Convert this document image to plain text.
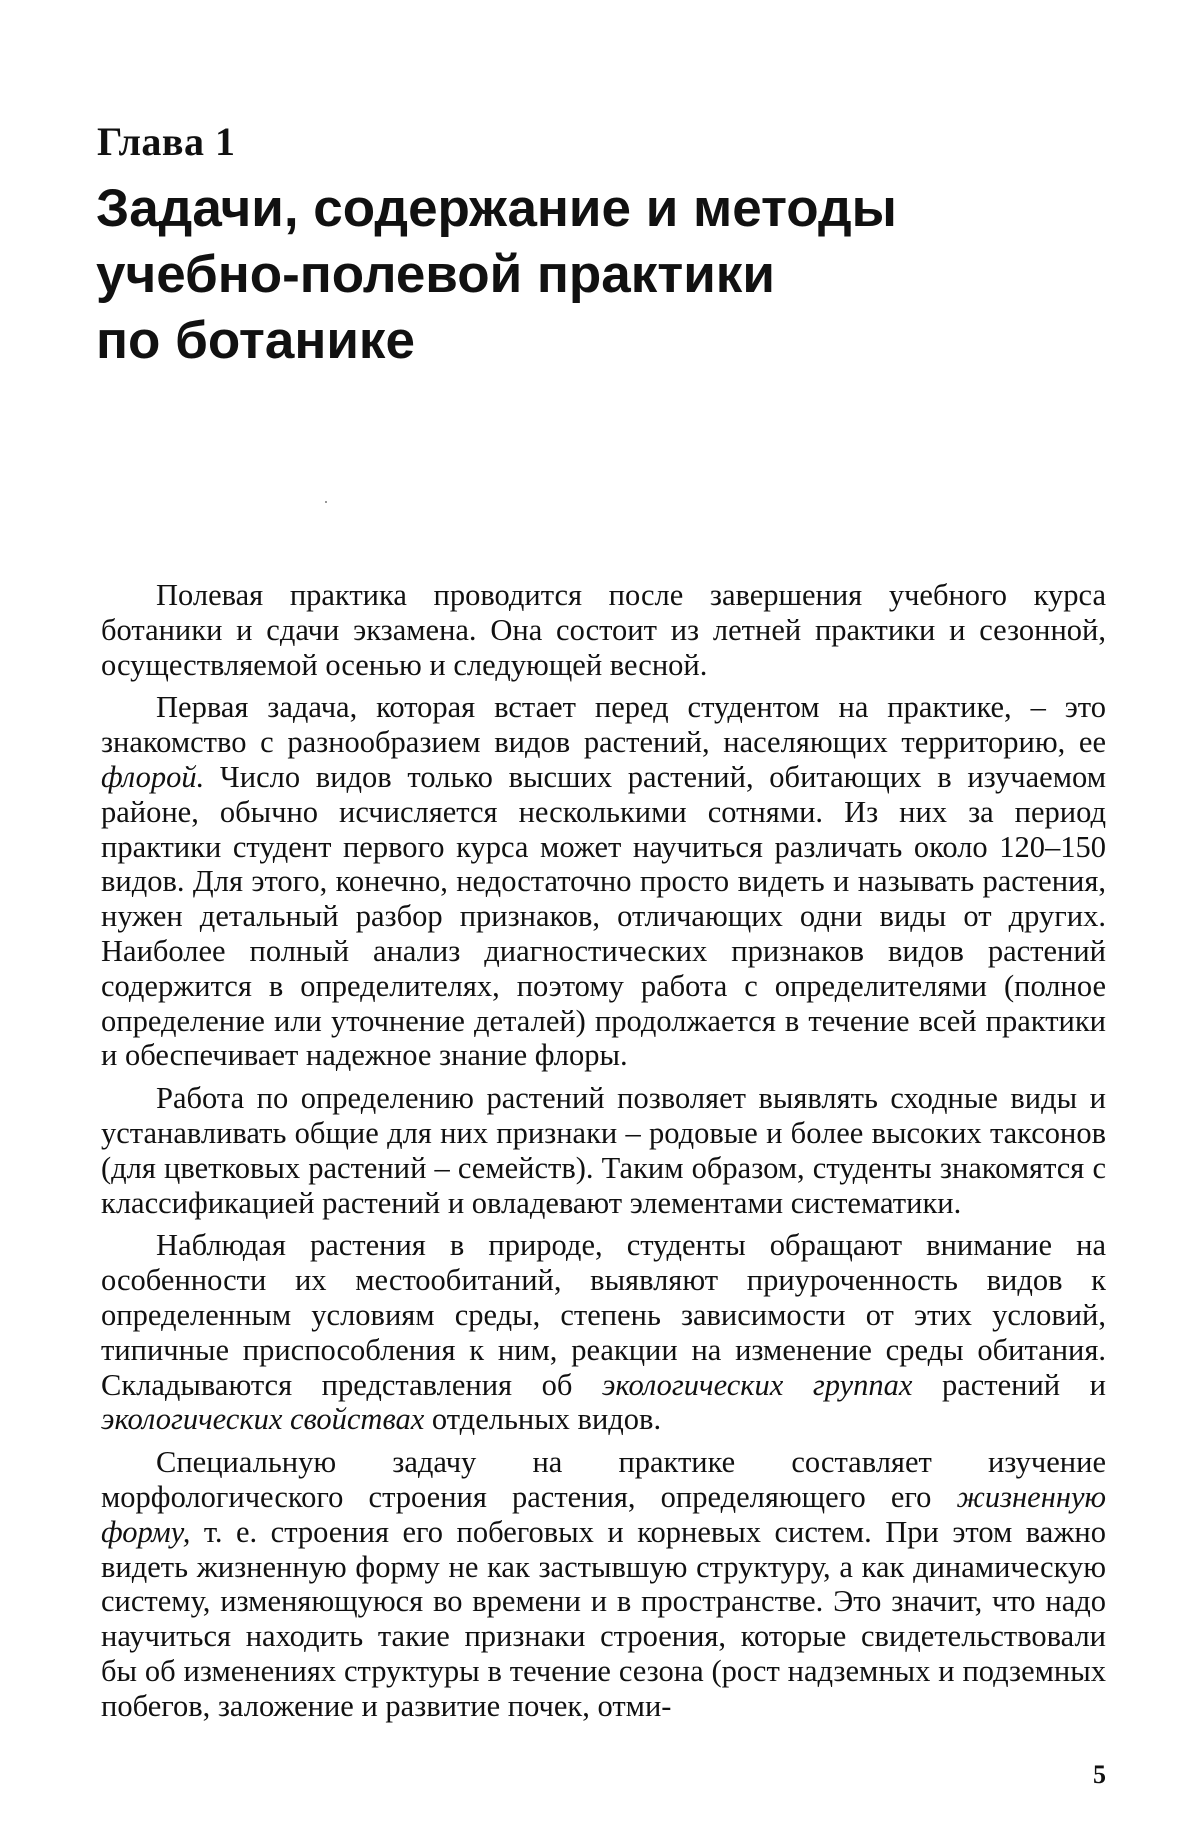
Глава 1
Задачи, содержание и методы
учебно-полевой практики
по ботанике

Полевая практика проводится после завершения учебного курса ботаники и сдачи экзамена. Она состоит из летней практики и сезонной, осуществляемой осенью и следующей весной.

Первая задача, которая встает перед студентом на практике, – это знакомство с разнообразием видов растений, населяющих территорию, ее флорой. Число видов только высших растений, обитающих в изучаемом районе, обычно исчисляется несколькими сотнями. Из них за период практики студент первого курса может научиться различать около 120–150 видов. Для этого, конечно, недостаточно просто видеть и называть растения, нужен детальный разбор признаков, отличающих одни виды от других. Наиболее полный анализ диагностических признаков видов растений содержится в определителях, поэтому работа с определителями (полное определение или уточнение деталей) продолжается в течение всей практики и обеспечивает надежное знание флоры.

Работа по определению растений позволяет выявлять сходные виды и устанавливать общие для них признаки – родовые и более высоких таксонов (для цветковых растений – семейств). Таким образом, студенты знакомятся с классификацией растений и овладевают элементами систематики.

Наблюдая растения в природе, студенты обращают внимание на особенности их местообитаний, выявляют приуроченность видов к определенным условиям среды, степень зависимости от этих условий, типичные приспособления к ним, реакции на изменение среды обитания. Складываются представления об экологических группах растений и экологических свойствах отдельных видов.

Специальную задачу на практике составляет изучение морфологического строения растения, определяющего его жизненную форму, т. е. строения его побеговых и корневых систем. При этом важно видеть жизненную форму не как застывшую структуру, а как динамическую систему, изменяющуюся во времени и в пространстве. Это значит, что надо научиться находить такие признаки строения, которые свидетельствовали бы об изменениях структуры в течение сезона (рост надземных и подземных побегов, заложение и развитие почек, отми-

5
